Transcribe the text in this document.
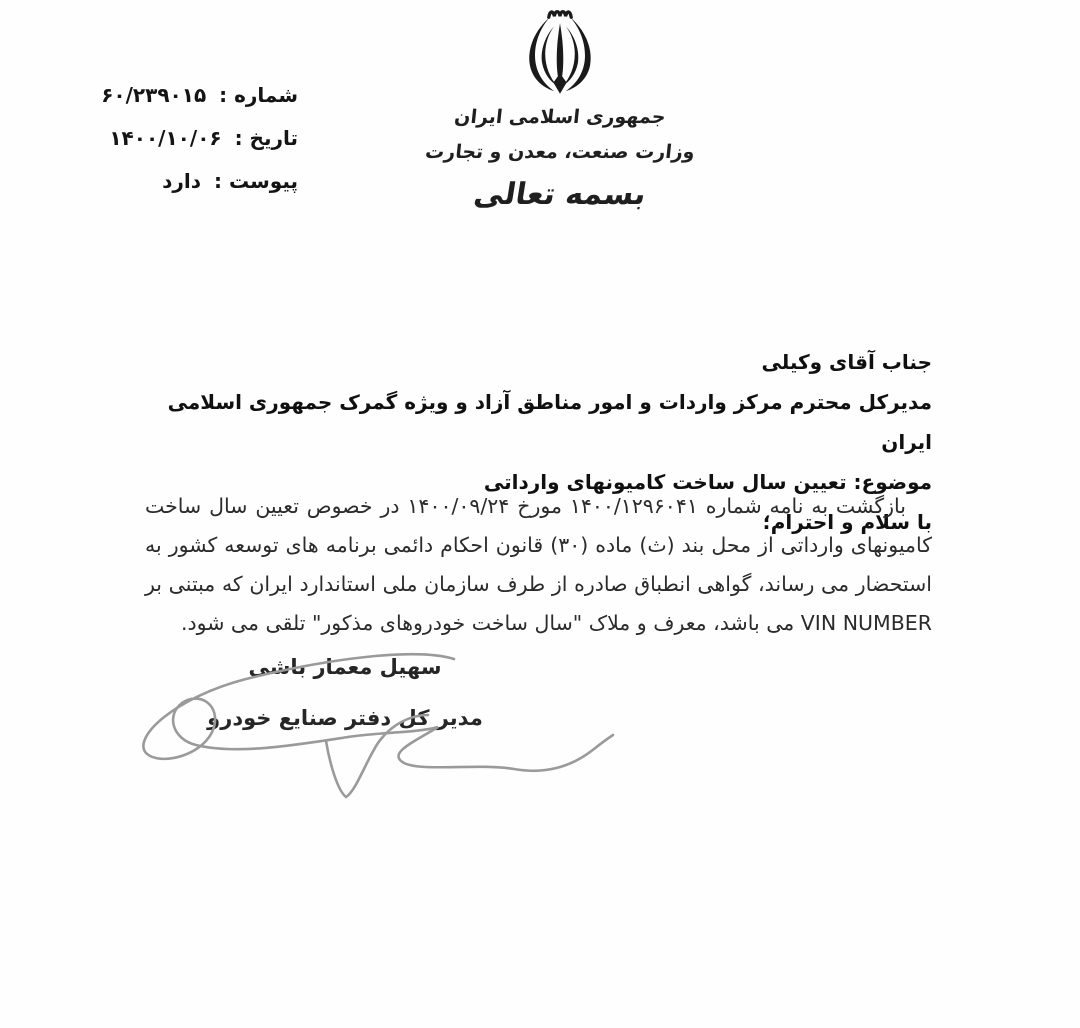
شماره : ۶۰/۲۳۹۰۱۵
تاریخ : ۱۴۰۰/۱۰/۰۶
پیوست : دارد
جمهوری اسلامی ایران
وزارت صنعت، معدن و تجارت
بسمه تعالی
جناب آقای وکیلی
مدیرکل محترم مرکز واردات و امور مناطق آزاد و ویژه گمرک جمهوری اسلامی ایران
موضوع: تعیین سال ساخت کامیونهای وارداتی
با سلام و احترام؛
بازگشت به نامه شماره ۱۴۰۰/۱۲۹۶۰۴۱ مورخ ۱۴۰۰/۰۹/۲۴ در خصوص تعیین سال ساخت
کامیونهای وارداتی از محل بند (ث) ماده (۳۰) قانون احکام دائمی برنامه های توسعه کشور به
استحضار می رساند، گواهی انطباق صادره از طرف سازمان ملی استاندارد ایران که مبتنی بر
VIN NUMBER می باشد، معرف و ملاک "سال ساخت خودروهای مذکور" تلقی می شود.
سهیل معمار باشی
مدیر کل دفتر صنایع خودرو
